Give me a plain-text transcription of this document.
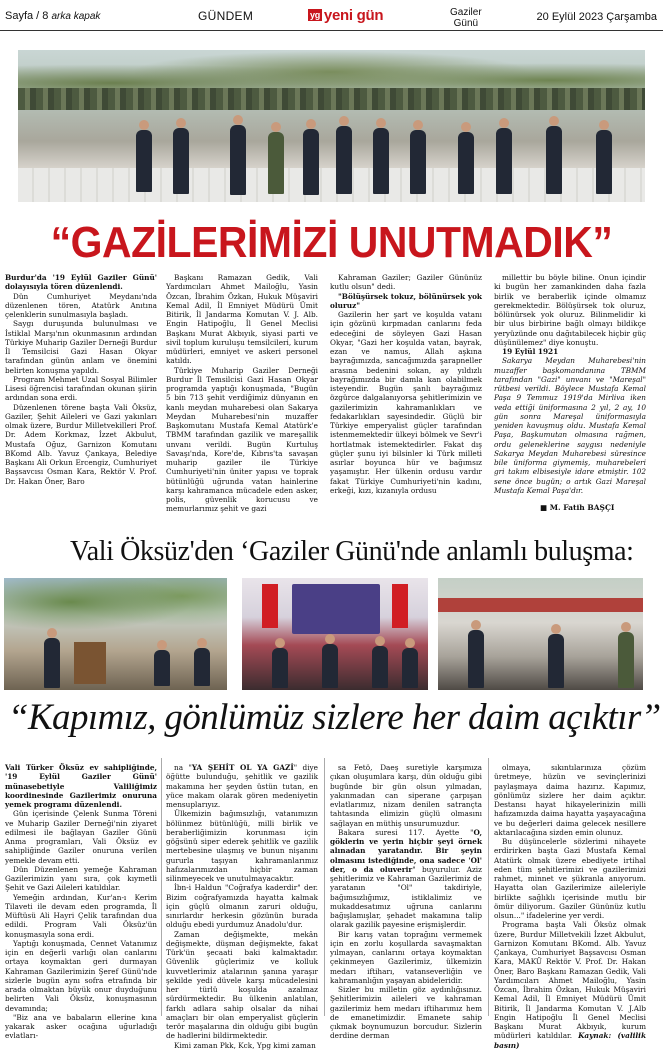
Sayfa / 8 arka kapak	GÜNDEM	yg yeni gün	Gaziler
Günü
20 Eylül 2023 Çarşamba
“GAZİLERİMİZİ UNUTMADIK”

Burdur'da '19 Eylül Gaziler Günü' dolayısıyla tören düzenlendi.

Dün Cumhuriyet Meydanı'nda düzenlenen tören, Atatürk Anıtına çelenklerin sunulmasıyla başladı.

Saygı duruşunda bulunulması ve İstiklal Marşı'nın okunmasının ardından Türkiye Muharip Gaziler Derneği Burdur İl Temsilcisi Gazi Hasan Okyar tarafından günün anlam ve önemini belirten konuşma yapıldı.

Program Mehmet Uzal Sosyal Bilimler Lisesi öğrencisi tarafından okunan şiirin ardından sona erdi.

Düzenlenen törene başta Vali Öksüz, Gaziler, Şehit Aileleri ve Gazi yakınları olmak üzere, Burdur Milletvekilleri Prof. Dr. Adem Korkmaz, İzzet Akbulut, Mustafa Oğuz, Garnizon Komutanı BKomd Alb. Yavuz Çankaya, Belediye Başkanı Ali Orkun Ercengiz, Cumhuriyet Başsavcısı Osman Kara, Rektör V. Prof. Dr. Hakan Öner, Baro

Başkanı Ramazan Gedik, Vali Yardımcıları Ahmet Mailoğlu, Yasin Özcan, İbrahim Özkan, Hukuk Müşaviri Kemal Adil, İl Emniyet Müdürü Ümit Bitirik, İl Jandarma Komutan V. J. Alb. Engin Hatipoğlu, İl Genel Meclisi Başkanı Murat Akbıyık, siyasi parti ve sivil toplum kuruluşu temsilcileri, kurum müdürleri, emniyet ve askeri personel katıldı.

Türkiye Muharip Gaziler Derneği Burdur İl Temsilcisi Gazi Hasan Okyar programda yaptığı konuşmada, "Bugün 5 bin 713 şehit verdiğimiz dünyanın en kanlı meydan muharebesi olan Sakarya Meydan Muharebesi'nin muzaffer Başkomutanı Mustafa Kemal Atatürk'e TBMM tarafından gazilik ve mareşallik unvanı verildi. Bugün Kurtuluş Savaşı'nda, Kore'de, Kıbrıs'ta savaşan muharip gaziler ile Türkiye Cumhuriyeti'nin üniter yapısı ve toprak bütünlüğü uğrunda vatan hainlerine karşı kahramanca mücadele eden asker, polis, güvenlik korucusu ve memurlarımız şehit ve gazi

Kahraman Gaziler; Gaziler Gününüz kutlu olsun" dedi.

"Bölüşürsek tokuz, bölünürsek yok oluruz"

Gazilerin her şart ve koşulda vatanı için gözünü kırpmadan canlarını feda edeceğini de söyleyen Gazi Hasan Okyar, "Gazi her koşulda vatan, bayrak, ezan ve namus, Allah aşkına bayrağımızda, sancağımızda şarapneller arasına bedenini sokan, ay yıldızlı bayrağımızda bir damla kan olabilmek isteyendir. Bugün şanlı bayrağımız özgürce dalgalanıyorsa şehitlerimizin ve gazilerimizin kahramanlıkları ve fedakarlıkları sayesindedir. Güçlü bir Türkiye emperyalist güçler tarafından istenmemektedir ülkeyi bölmek ve Sevr'i hortlatmak istemektedirler. Fakat dış güçler şunu iyi bilsinler ki Türk milleti asırlar boyunca hür ve bağımsız yaşamıştır. Her ülkenin ordusu vardır fakat Türkiye Cumhuriyeti'nin kadını, erkeği, kızı, kızanıyla ordusu

millettir bu böyle biline. Onun içindir ki bugün her zamankinden daha fazla birlik ve beraberlik içinde olmamız gerekmektedir. Bölüşürsek tok oluruz, bölünürsek yok oluruz. Bilinmelidir ki bir ulus birbirine bağlı olmayı bildikçe yeryüzünde onu dağıtabilecek hiçbir güç düşünülemez" diye konuştu.

19 Eylül 1921

Sakarya Meydan Muharebesi'nin muzaffer başkomandanına TBMM tarafından "Gazi" unvanı ve "Mareşal" rütbesi verildi. Böylece Mustafa Kemal Paşa 9 Temmuz 1919'da Mirliva iken veda ettiği üniformasına 2 yıl, 2 ay, 10 gün sonra Mareşal üniformasıyla yeniden kavuşmuş oldu. Mustafa Kemal Paşa, Başkumutan olmasına rağmen, ordu geleneklerine saygısı nedeniyle Sakarya Meydan Muharebesi süresince bile üniforma giymemiş, muharebeleri gri takım elbisesiyle idare etmiştir. 102 sene önce bugün; o artık Gazi Mareşal Mustafa Kemal Paşa'dır.

■ M. Fatih BAŞÇI
Vali Öksüz'den ‘Gaziler Günü'nde anlamlı buluşma:
“Kapımız, gönlümüz sizlere her daim açıktır”

Vali Türker Öksüz ev sahipliğinde, '19 Eylül Gaziler Günü' münasebetiyle Valiliğimiz koordinesinde Gazilerimiz onuruna yemek programı düzenlendi.

Gün içerisinde Çelenk Sunma Töreni ve Muharip Gaziler Derneği'nin ziyaret edilmesi ile bağlayan Gaziler Günü Anma programları, Vali Öksüz ev sahipliğinde Gaziler onuruna verilen yemekle devam etti.

Dün Düzenlenen yemeğe Kahraman Gazilerimizin yanı sıra, çok kıymetli Şehit ve Gazi Aileleri katıldılar.

Yemeğin ardından, Kur'an-ı Kerim Tilaveti ile devam eden programda, İl Müftüsü Ali Hayri Çelik tarafından dua edildi. Program Vali Öksüz'ün konuşmasıyla sona erdi.

Yaptığı konuşmada, Cennet Vatanımız için en değerli varlığı olan canlarını ortaya koymaktan geri durmayan Kahraman Gazilerimizin Şeref Günü'nde sizlerle bugün aynı sofra etrafında bir arada olmaktan büyük onur duyduğunu belirten Vali Öksüz, konuşmasının devamında;

"Biz ana ve babaların ellerine kına yakarak asker ocağına uğurladığı evlatları-

na "YA ŞEHİT OL YA GAZİ" diye öğütte bulunduğu, şehitlik ve gazilik makamına her şeyden üstün tutan, en yüce makam olarak gören medeniyetin mensuplarıyız.

Ülkemizin bağımsızlığı, vatanımızın bölünmez bütünlüğü, milli birlik ve beraberliğimizin korunması için göğsünü siper ederek şehitlik ve gazilik mertebesine ulaşmış ve bunun nişanını gururla taşıyan kahramanlarımız hafızalarımızdan hiçbir zaman silinmeyecek ve unutulmayacaktır.

İbn-i Haldun "Coğrafya kaderdir" der. Bizim coğrafyamızda hayatta kalmak için güçlü olmanın zaruri olduğu, sınırlardır herkesin gözünün burada olduğu ebedi yurdumuz Anadolu'dur.

Zaman değişmekte, mekân değişmekte, düşman değişmekte, fakat Türk'ün şecaati baki kalmaktadır. Güvenlik güçlerimiz ve kolluk kuvvetlerimiz atalarının şanına yaraşır şekilde yedi düvele karşı mücadelesini her türlü koşulda azalmaz sürdürmektedir. Bu ülkenin anlatılan, farklı adlara sahip olsalar da nihai amaçları bir olan emperyalist güçlerin terör maşalarına din olduğu gibi bugün de hadlerini bildirmektedir.

Kimi zaman Pkk, Kck, Ypg kimi zaman

sa Fetö, Daeş suretiyle karşımıza çıkan oluşumlara karşı, dün olduğu gibi bugünde bir gün olsun yılmadan, yakınmadan can siperane çarpışan evlatlarımız, nizam denilen satrançta tahtasında elimizin güçlü olmasını sağlayan en müthiş unsurumuzdur.

Bakara suresi 117. Ayette "O, göklerin ve yerin hiçbir şeyi örnek alınadan yaratandır. Bir şeyin olmasını istediğinde, ona sadece 'Ol' der, o da oluverir" buyurulur. Aziz şehitlerimiz ve Kahraman Gazilerimiz de yaratanın "Ol" takdiriyle, bağımsızlığımız, istiklalimiz ve mukaddesatımız uğruna canlarını bağışlamışlar, şehadet makamına talip olarak gazilik payesine erişmişlerdir.

Bir karış vatan toprağını vermemek için en zorlu koşullarda savaşmaktan yılmayan, canlarını ortaya koymaktan çekinmeyen Gazilerimiz, ülkemizin medarı iftiharı, vatanseverliğin ve kahramanlığın yaşayan abideleridir.

Sizler bu milletin göz aydınlığısınız. Şehitlerimizin aileleri ve kahraman gazilerimiz hem medarı iftiharımız hem de emanetimizdir. Emanete sahip çıkmak boynumuzun borcudur. Sizlerin derdine derman

olmaya, sıkıntılarınıza çözüm üretmeye, hüzün ve sevinçlerinizi paylaşmaya daima hazırız. Kapımız, gönlümüz sizlere her daim açıktır. Destansı hayat hikayelerinizin milli hafızamızda daima hayatta yaşayacağına ve bu değerleri daima gelecek nesillere aktarılacağına sizden emin olunuz.

Bu düşüncelerle sözlerimi nihayete erdirirken başta Gazi Mustafa Kemal Atatürk olmak üzere ebediyete irtihal eden tüm şehitlerimizi ve gazilerimizi rahmet, minnet ve şükranla anıyorum. Hayatta olan Gazilerimize aileleriyle birlikte sağlıklı içerisinde mutlu bir ömür diliyorum. Gaziler Gününüz kutlu olsun..." ifadelerine yer verdi.

Programa başta Vali Öksüz olmak üzere, Burdur Milletvekili İzzet Akbulut, Garnizon Komutanı BKomd. Alb. Yavuz Çankaya, Cumhuriyet Başsavcısı Osman Kara, MAKÜ Rektör V. Prof. Dr. Hakan Öner, Baro Başkanı Ramazan Gedik, Vali Yardımcıları Ahmet Mailoğlu, Yasin Özcan, İbrahim Özkan, Hukuk Müşaviri Kemal Adil, İl Emniyet Müdürü Ümit Bitirik, İl Jandarma Komutan V. J.Alb Engin Hatipoğlu İl Genel Meclisi Başkanı Murat Akbıyık, kurum müdürleri katıldılar. Kaynak: (valilik basın)
